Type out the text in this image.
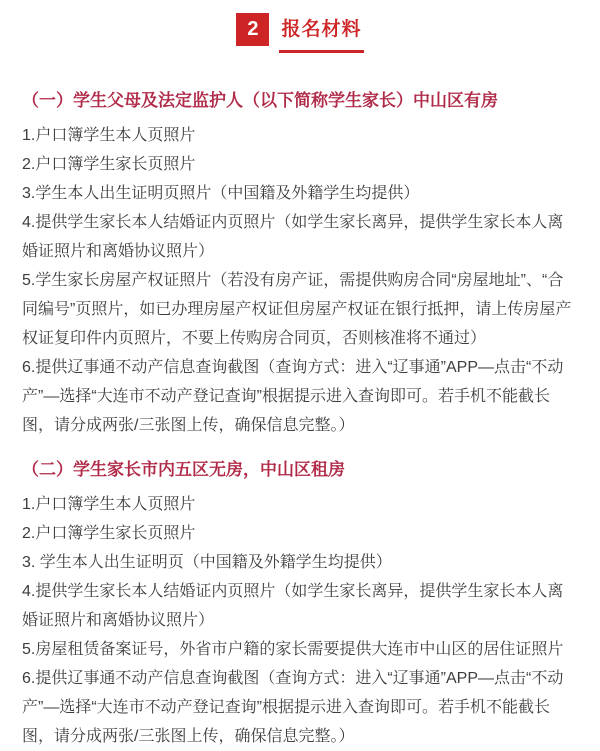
2	报名材料
（一）学生父母及法定监护人（以下简称学生家长）中山区有房

1.户口簿学生本人页照片

2.户口簿学生家长页照片

3.学生本人出生证明页照片（中国籍及外籍学生均提供）

4.提供学生家长本人结婚证内页照片（如学生家长离异，提供学生家长本人离婚证照片和离婚协议照片）

5.学生家长房屋产权证照片（若没有房产证，需提供购房合同“房屋地址”、“合同编号”页照片，如已办理房屋产权证但房屋产权证在银行抵押，请上传房屋产权证复印件内页照片，不要上传购房合同页，否则核准将不通过）

6.提供辽事通不动产信息查询截图（查询方式：进入“辽事通”APP—点击“不动产”—选择“大连市不动产登记查询”根据提示进入查询即可。若手机不能截长图，请分成两张/三张图上传，确保信息完整。）

（二）学生家长市内五区无房，中山区租房

1.户口簿学生本人页照片

2.户口簿学生家长页照片

3. 学生本人出生证明页（中国籍及外籍学生均提供）

4.提供学生家长本人结婚证内页照片（如学生家长离异，提供学生家长本人离婚证照片和离婚协议照片）

5.房屋租赁备案证号，外省市户籍的家长需要提供大连市中山区的居住证照片

6.提供辽事通不动产信息查询截图（查询方式：进入“辽事通”APP—点击“不动产”—选择“大连市不动产登记查询”根据提示进入查询即可。若手机不能截长图，请分成两张/三张图上传，确保信息完整。）
